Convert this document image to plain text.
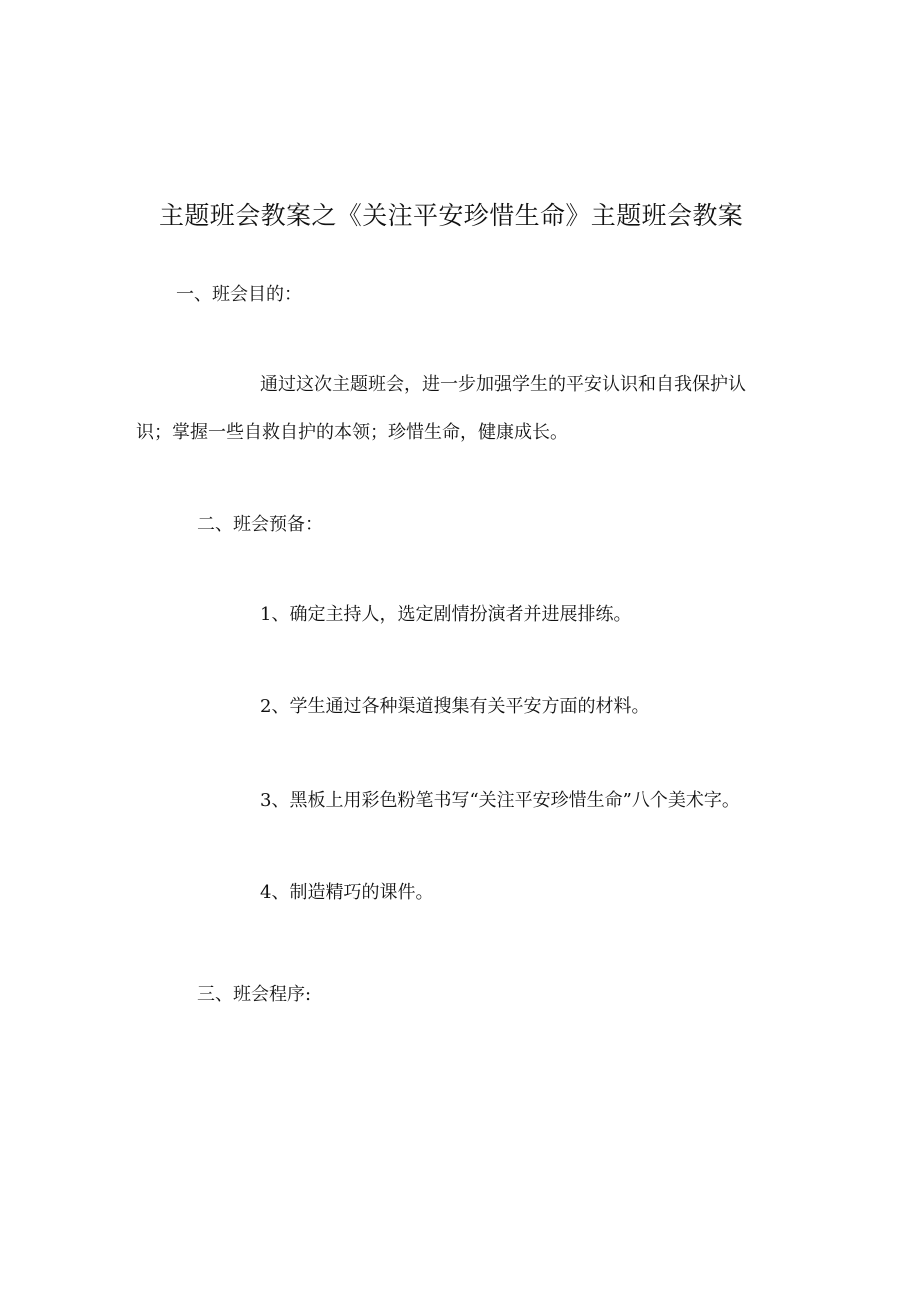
主题班会教案之《关注平安珍惜生命》主题班会教案
一、班会目的：
通过这次主题班会，进一步加强学生的平安认识和自我保护认
识；掌握一些自救自护的本领；珍惜生命，健康成长。
二、班会预备：
1、确定主持人，选定剧情扮演者并进展排练。
2、学生通过各种渠道搜集有关平安方面的材料。
3、黑板上用彩色粉笔书写“关注平安珍惜生命”八个美术字。
4、制造精巧的课件。
三、班会程序:
